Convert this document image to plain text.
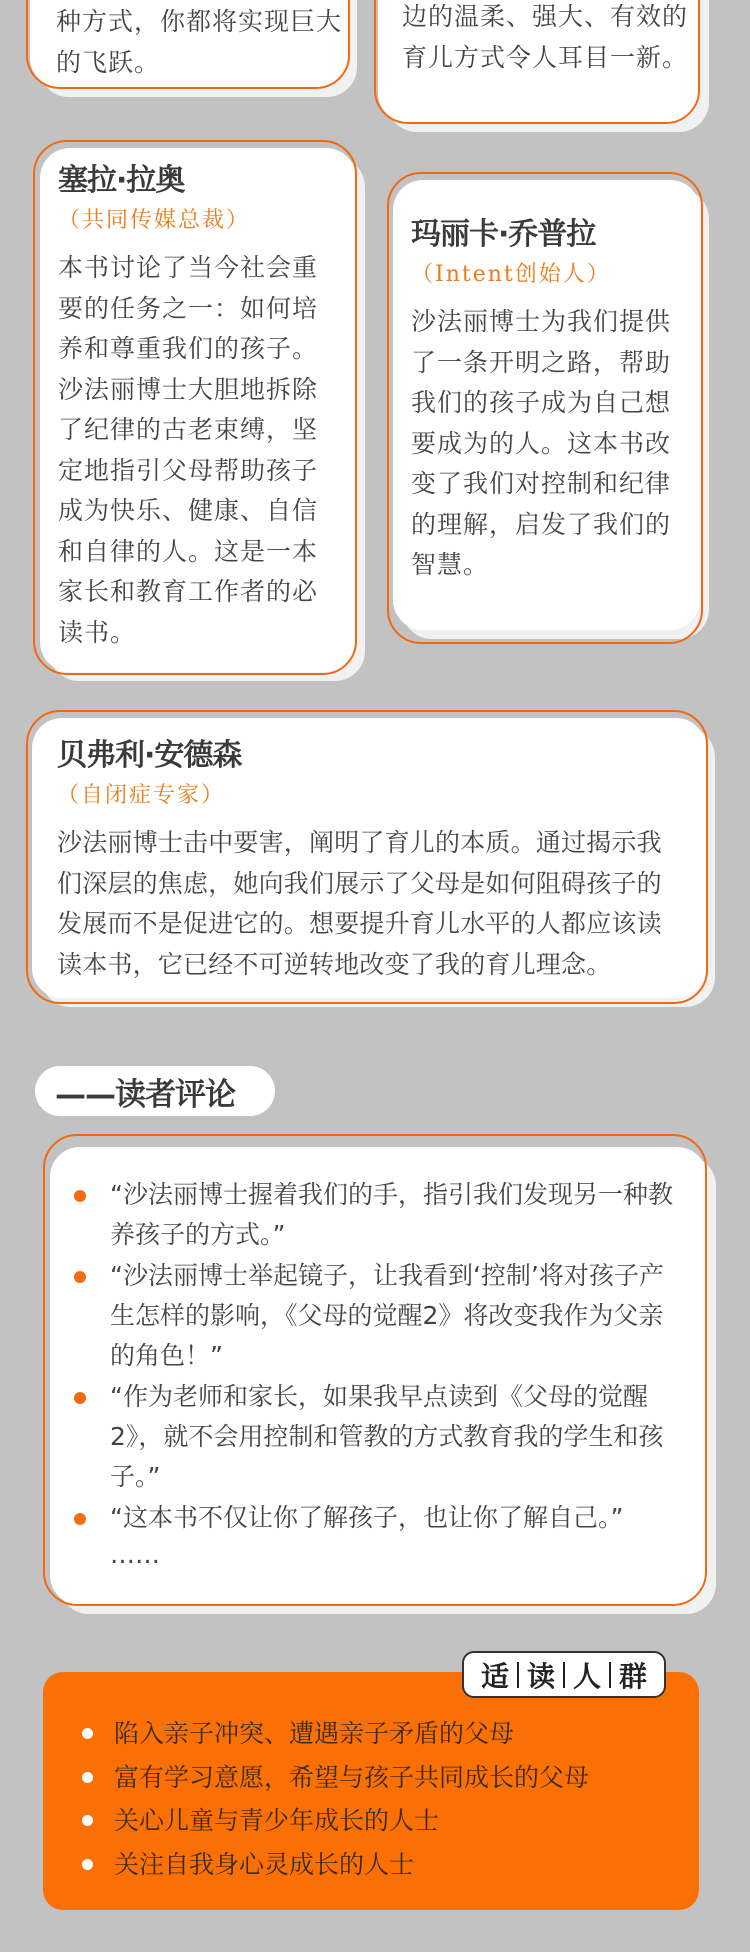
种方式，你都将实现巨大的飞跃。

边的温柔、强大、有效的育儿方式令人耳目一新。

塞拉·拉奥
（共同传媒总裁）

本书讨论了当今社会重要的任务之一：如何培养和尊重我们的孩子。沙法丽博士大胆地拆除了纪律的古老束缚，坚定地指引父母帮助孩子成为快乐、健康、自信和自律的人。这是一本家长和教育工作者的必读书。

玛丽卡·乔普拉
（Intent创始人）

沙法丽博士为我们提供了一条开明之路，帮助我们的孩子成为自己想要成为的人。这本书改变了我们对控制和纪律的理解，启发了我们的智慧。

贝弗利·安德森
（自闭症专家）

沙法丽博士击中要害，阐明了育儿的本质。通过揭示我们深层的焦虑，她向我们展示了父母是如何阻碍孩子的发展而不是促进它的。想要提升育儿水平的人都应该读读本书，它已经不可逆转地改变了我的育儿理念。

——读者评论
“沙法丽博士握着我们的手，指引我们发现另一种教养孩子的方式。”
“沙法丽博士举起镜子，让我看到‘控制’将对孩子产生怎样的影响，《父母的觉醒2》将改变我作为父亲的角色！”
“作为老师和家长，如果我早点读到《父母的觉醒2》，就不会用控制和管教的方式教育我的学生和孩子。”
“这本书不仅让你了解孩子，也让你了解自己。”
……
适 读 人 群
陷入亲子冲突、遭遇亲子矛盾的父母
富有学习意愿，希望与孩子共同成长的父母
关心儿童与青少年成长的人士
关注自我身心灵成长的人士
